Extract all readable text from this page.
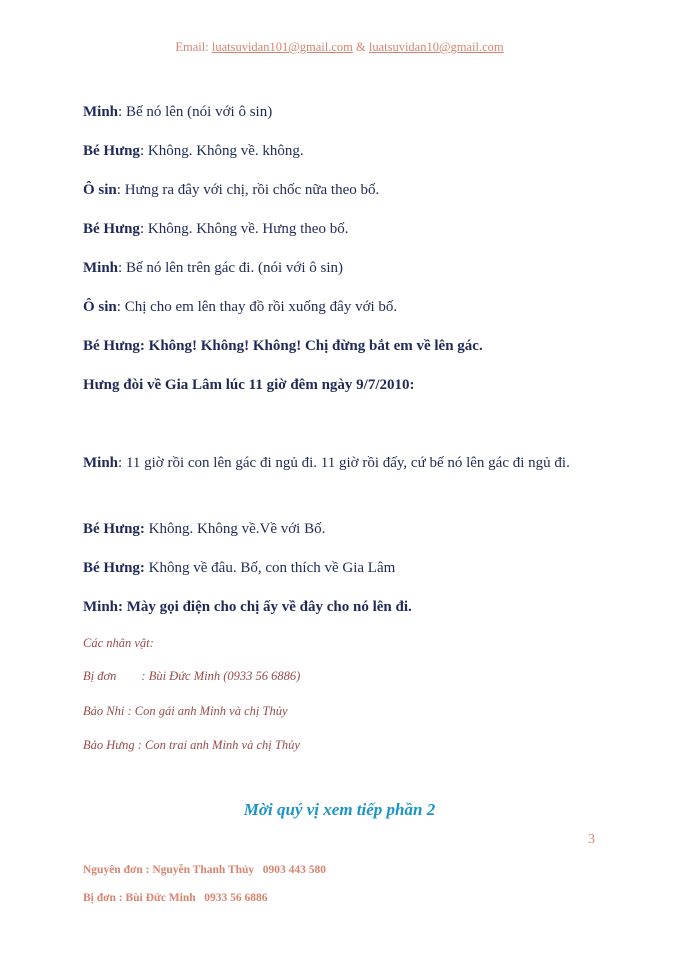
Email: luatsuvidan101@gmail.com & luatsuvidan10@gmail.com
Minh: Bế nó lên (nói với ô sin)
Bé Hưng: Không. Không về. không.
Ô sin: Hưng ra đây với chị, rồi chốc nữa theo bố.
Bé Hưng: Không. Không về. Hưng theo bố.
Minh: Bế nó lên trên gác đi. (nói với ô sin)
Ô sin: Chị cho em lên thay đồ rồi xuống đây với bố.
Bé Hưng: Không! Không! Không! Chị đừng bắt em về lên gác.
Hưng đòi về Gia Lâm lúc 11 giờ đêm ngày 9/7/2010:
Minh: 11 giờ rồi con lên gác đi ngủ đi. 11 giờ rồi đấy, cứ bế nó lên gác đi ngủ đi.
Bé Hưng: Không. Không về.Về với Bố.
Bé Hưng: Không về đâu. Bố, con thích về Gia Lâm
Minh: Mày gọi điện cho chị ấy về đây cho nó lên đi.
Các nhân vật:
Bị đơn        : Bùi Đức Minh (0933 56 6886)
Bảo Nhi : Con gái anh Minh và chị Thủy
Bảo Hưng : Con trai anh Minh và chị Thủy
Mời quý vị xem tiếp phần 2
3
Nguyên đơn : Nguyễn Thanh Thủy   0903 443 580
Bị đơn : Bùi Đức Minh   0933 56 6886
